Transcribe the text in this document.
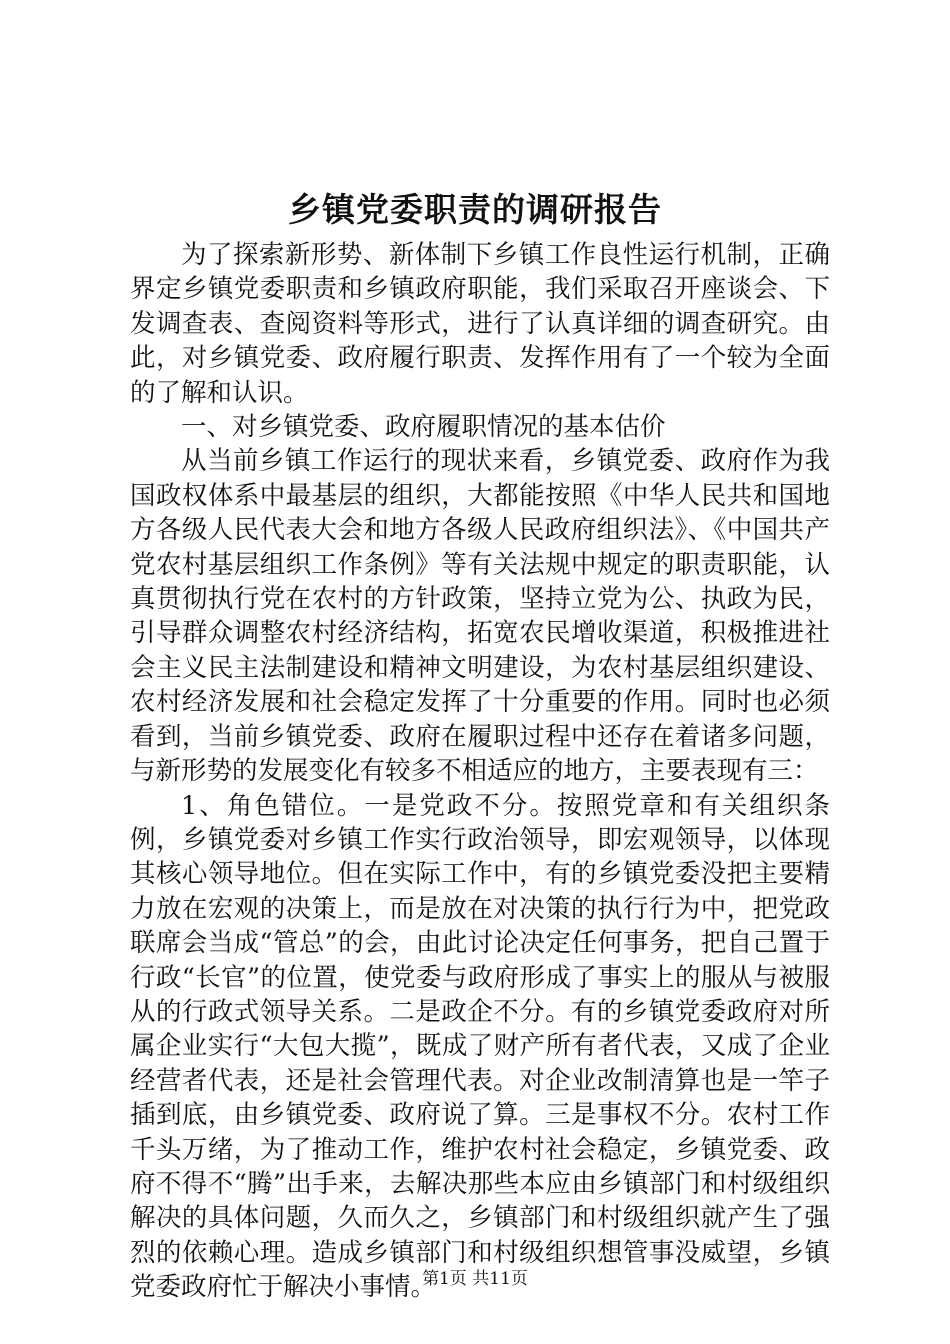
乡镇党委职责的调研报告

为了探索新形势、新体制下乡镇工作良性运行机制，正确界定乡镇党委职责和乡镇政府职能，我们采取召开座谈会、下发调查表、查阅资料等形式，进行了认真详细的调查研究。由此，对乡镇党委、政府履行职责、发挥作用有了一个较为全面的了解和认识。

一、对乡镇党委、政府履职情况的基本估价

从当前乡镇工作运行的现状来看，乡镇党委、政府作为我国政权体系中最基层的组织，大都能按照《中华人民共和国地方各级人民代表大会和地方各级人民政府组织法》、《中国共产党农村基层组织工作条例》等有关法规中规定的职责职能，认真贯彻执行党在农村的方针政策，坚持立党为公、执政为民，引导群众调整农村经济结构，拓宽农民增收渠道，积极推进社会主义民主法制建设和精神文明建设，为农村基层组织建设、农村经济发展和社会稳定发挥了十分重要的作用。同时也必须看到，当前乡镇党委、政府在履职过程中还存在着诸多问题，与新形势的发展变化有较多不相适应的地方，主要表现有三：

1、角色错位。一是党政不分。按照党章和有关组织条例，乡镇党委对乡镇工作实行政治领导，即宏观领导，以体现其核心领导地位。但在实际工作中，有的乡镇党委没把主要精力放在宏观的决策上，而是放在对决策的执行行为中，把党政联席会当成“管总”的会，由此讨论决定任何事务，把自己置于行政“长官”的位置，使党委与政府形成了事实上的服从与被服从的行政式领导关系。二是政企不分。有的乡镇党委政府对所属企业实行“大包大揽”，既成了财产所有者代表，又成了企业经营者代表，还是社会管理代表。对企业改制清算也是一竿子插到底，由乡镇党委、政府说了算。三是事权不分。农村工作千头万绪，为了推动工作，维护农村社会稳定，乡镇党委、政府不得不“腾”出手来，去解决那些本应由乡镇部门和村级组织解决的具体问题，久而久之，乡镇部门和村级组织就产生了强烈的依赖心理。造成乡镇部门和村级组织想管事没威望，乡镇党委政府忙于解决小事情。

第1页 共11页
